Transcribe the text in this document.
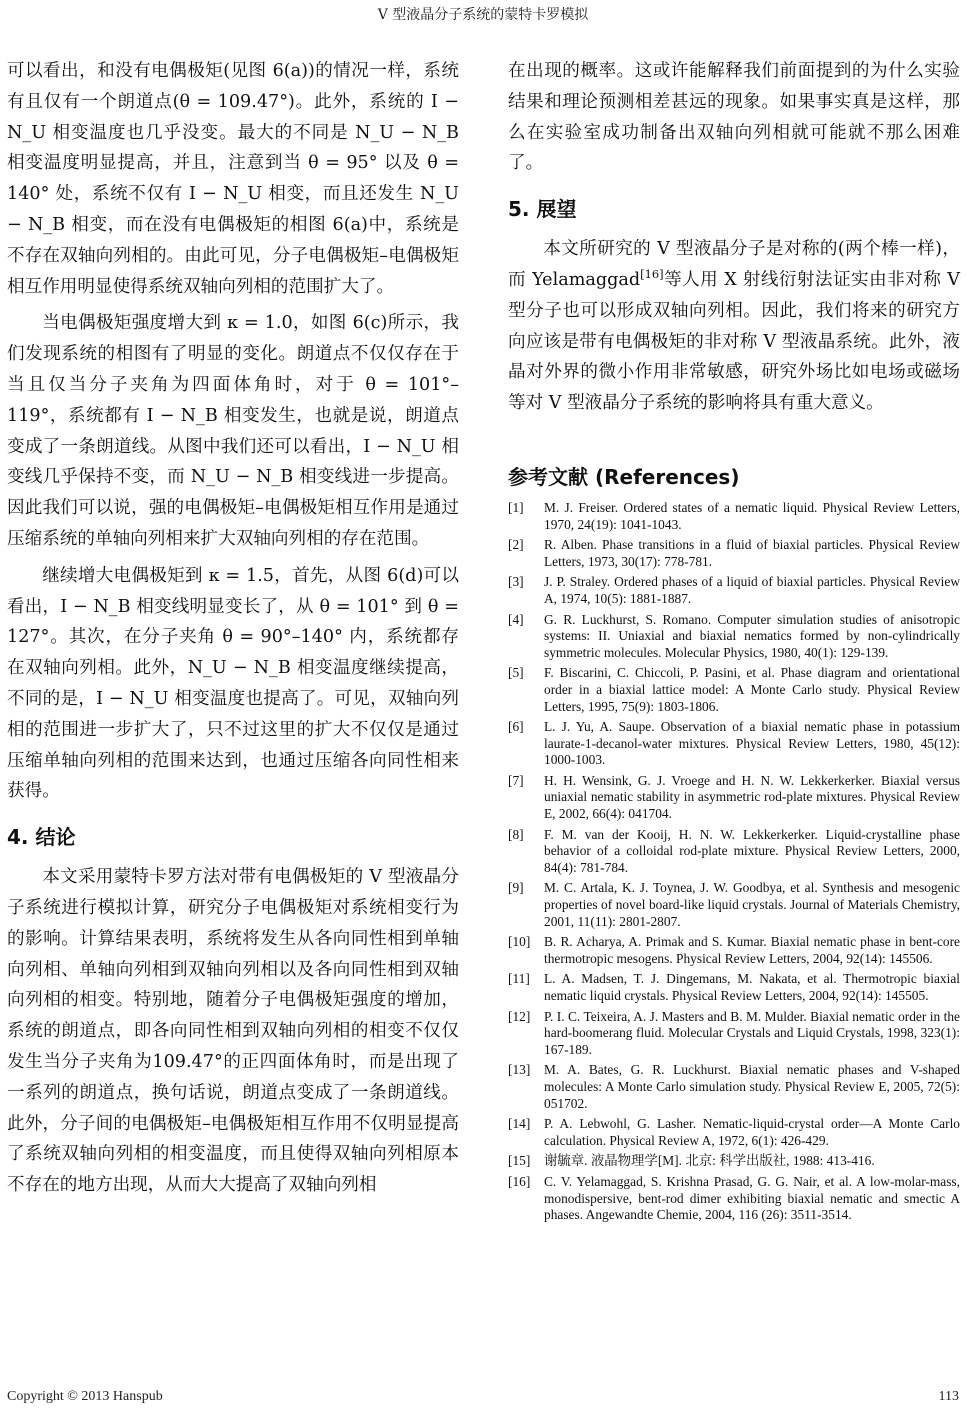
V 型液晶分子系统的蒙特卡罗模拟

可以看出，和没有电偶极矩(见图 6(a))的情况一样，系统有且仅有一个朗道点(θ = 109.47°)。此外，系统的 I − N_U 相变温度也几乎没变。最大的不同是 N_U − N_B 相变温度明显提高，并且，注意到当 θ = 95° 以及 θ = 140° 处，系统不仅有 I − N_U 相变，而且还发生 N_U − N_B 相变，而在没有电偶极矩的相图 6(a)中，系统是不存在双轴向列相的。由此可见，分子电偶极矩–电偶极矩相互作用明显使得系统双轴向列相的范围扩大了。

当电偶极矩强度增大到 κ = 1.0，如图 6(c)所示，我们发现系统的相图有了明显的变化。朗道点不仅仅存在于当且仅当分子夹角为四面体角时，对于 θ = 101°–119°，系统都有 I − N_B 相变发生，也就是说，朗道点变成了一条朗道线。从图中我们还可以看出，I − N_U 相变线几乎保持不变，而 N_U − N_B 相变线进一步提高。因此我们可以说，强的电偶极矩–电偶极矩相互作用是通过压缩系统的单轴向列相来扩大双轴向列相的存在范围。

继续增大电偶极矩到 κ = 1.5，首先，从图 6(d)可以看出，I − N_B 相变线明显变长了，从 θ = 101° 到 θ = 127°。其次，在分子夹角 θ = 90°–140° 内，系统都存在双轴向列相。此外，N_U − N_B 相变温度继续提高，不同的是，I − N_U 相变温度也提高了。可见，双轴向列相的范围进一步扩大了，只不过这里的扩大不仅仅是通过压缩单轴向列相的范围来达到，也通过压缩各向同性相来获得。

4. 结论

本文采用蒙特卡罗方法对带有电偶极矩的 V 型液晶分子系统进行模拟计算，研究分子电偶极矩对系统相变行为的影响。计算结果表明，系统将发生从各向同性相到单轴向列相、单轴向列相到双轴向列相以及各向同性相到双轴向列相的相变。特别地，随着分子电偶极矩强度的增加，系统的朗道点，即各向同性相到双轴向列相的相变不仅仅发生当分子夹角为109.47°的正四面体角时，而是出现了一系列的朗道点，换句话说，朗道点变成了一条朗道线。此外，分子间的电偶极矩–电偶极矩相互作用不仅明显提高了系统双轴向列相的相变温度，而且使得双轴向列相原本不存在的地方出现，从而大大提高了双轴向列相

在出现的概率。这或许能解释我们前面提到的为什么实验结果和理论预测相差甚远的现象。如果事实真是这样，那么在实验室成功制备出双轴向列相就可能就不那么困难了。

5. 展望

本文所研究的 V 型液晶分子是对称的(两个棒一样)，而 Yelamaggad[16]等人用 X 射线衍射法证实由非对称 V 型分子也可以形成双轴向列相。因此，我们将来的研究方向应该是带有电偶极矩的非对称 V 型液晶系统。此外，液晶对外界的微小作用非常敏感，研究外场比如电场或磁场等对 V 型液晶分子系统的影响将具有重大意义。

参考文献 (References)
[1] M. J. Freiser. Ordered states of a nematic liquid. Physical Review Letters, 1970, 24(19): 1041-1043.
[2] R. Alben. Phase transitions in a fluid of biaxial particles. Physical Review Letters, 1973, 30(17): 778-781.
[3] J. P. Straley. Ordered phases of a liquid of biaxial particles. Physical Review A, 1974, 10(5): 1881-1887.
[4] G. R. Luckhurst, S. Romano. Computer simulation studies of anisotropic systems: II. Uniaxial and biaxial nematics formed by non-cylindrically symmetric molecules. Molecular Physics, 1980, 40(1): 129-139.
[5] F. Biscarini, C. Chiccoli, P. Pasini, et al. Phase diagram and orientational order in a biaxial lattice model: A Monte Carlo study. Physical Review Letters, 1995, 75(9): 1803-1806.
[6] L. J. Yu, A. Saupe. Observation of a biaxial nematic phase in potassium laurate-1-decanol-water mixtures. Physical Review Letters, 1980, 45(12): 1000-1003.
[7] H. H. Wensink, G. J. Vroege and H. N. W. Lekkerkerker. Biaxial versus uniaxial nematic stability in asymmetric rod-plate mixtures. Physical Review E, 2002, 66(4): 041704.
[8] F. M. van der Kooij, H. N. W. Lekkerkerker. Liquid-crystalline phase behavior of a colloidal rod-plate mixture. Physical Review Letters, 2000, 84(4): 781-784.
[9] M. C. Artala, K. J. Toynea, J. W. Goodbya, et al. Synthesis and mesogenic properties of novel board-like liquid crystals. Journal of Materials Chemistry, 2001, 11(11): 2801-2807.
[10] B. R. Acharya, A. Primak and S. Kumar. Biaxial nematic phase in bent-core thermotropic mesogens. Physical Review Letters, 2004, 92(14): 145506.
[11] L. A. Madsen, T. J. Dingemans, M. Nakata, et al. Thermotropic biaxial nematic liquid crystals. Physical Review Letters, 2004, 92(14): 145505.
[12] P. I. C. Teixeira, A. J. Masters and B. M. Mulder. Biaxial nematic order in the hard-boomerang fluid. Molecular Crystals and Liquid Crystals, 1998, 323(1): 167-189.
[13] M. A. Bates, G. R. Luckhurst. Biaxial nematic phases and V-shaped molecules: A Monte Carlo simulation study. Physical Review E, 2005, 72(5): 051702.
[14] P. A. Lebwohl, G. Lasher. Nematic-liquid-crystal order—A Monte Carlo calculation. Physical Review A, 1972, 6(1): 426-429.
[15] 谢毓章. 液晶物理学[M]. 北京: 科学出版社, 1988: 413-416.
[16] C. V. Yelamaggad, S. Krishna Prasad, G. G. Nair, et al. A low-molar-mass, monodispersive, bent-rod dimer exhibiting biaxial nematic and smectic A phases. Angewandte Chemie, 2004, 116 (26): 3511-3514.
Copyright © 2013 Hanspub	113
